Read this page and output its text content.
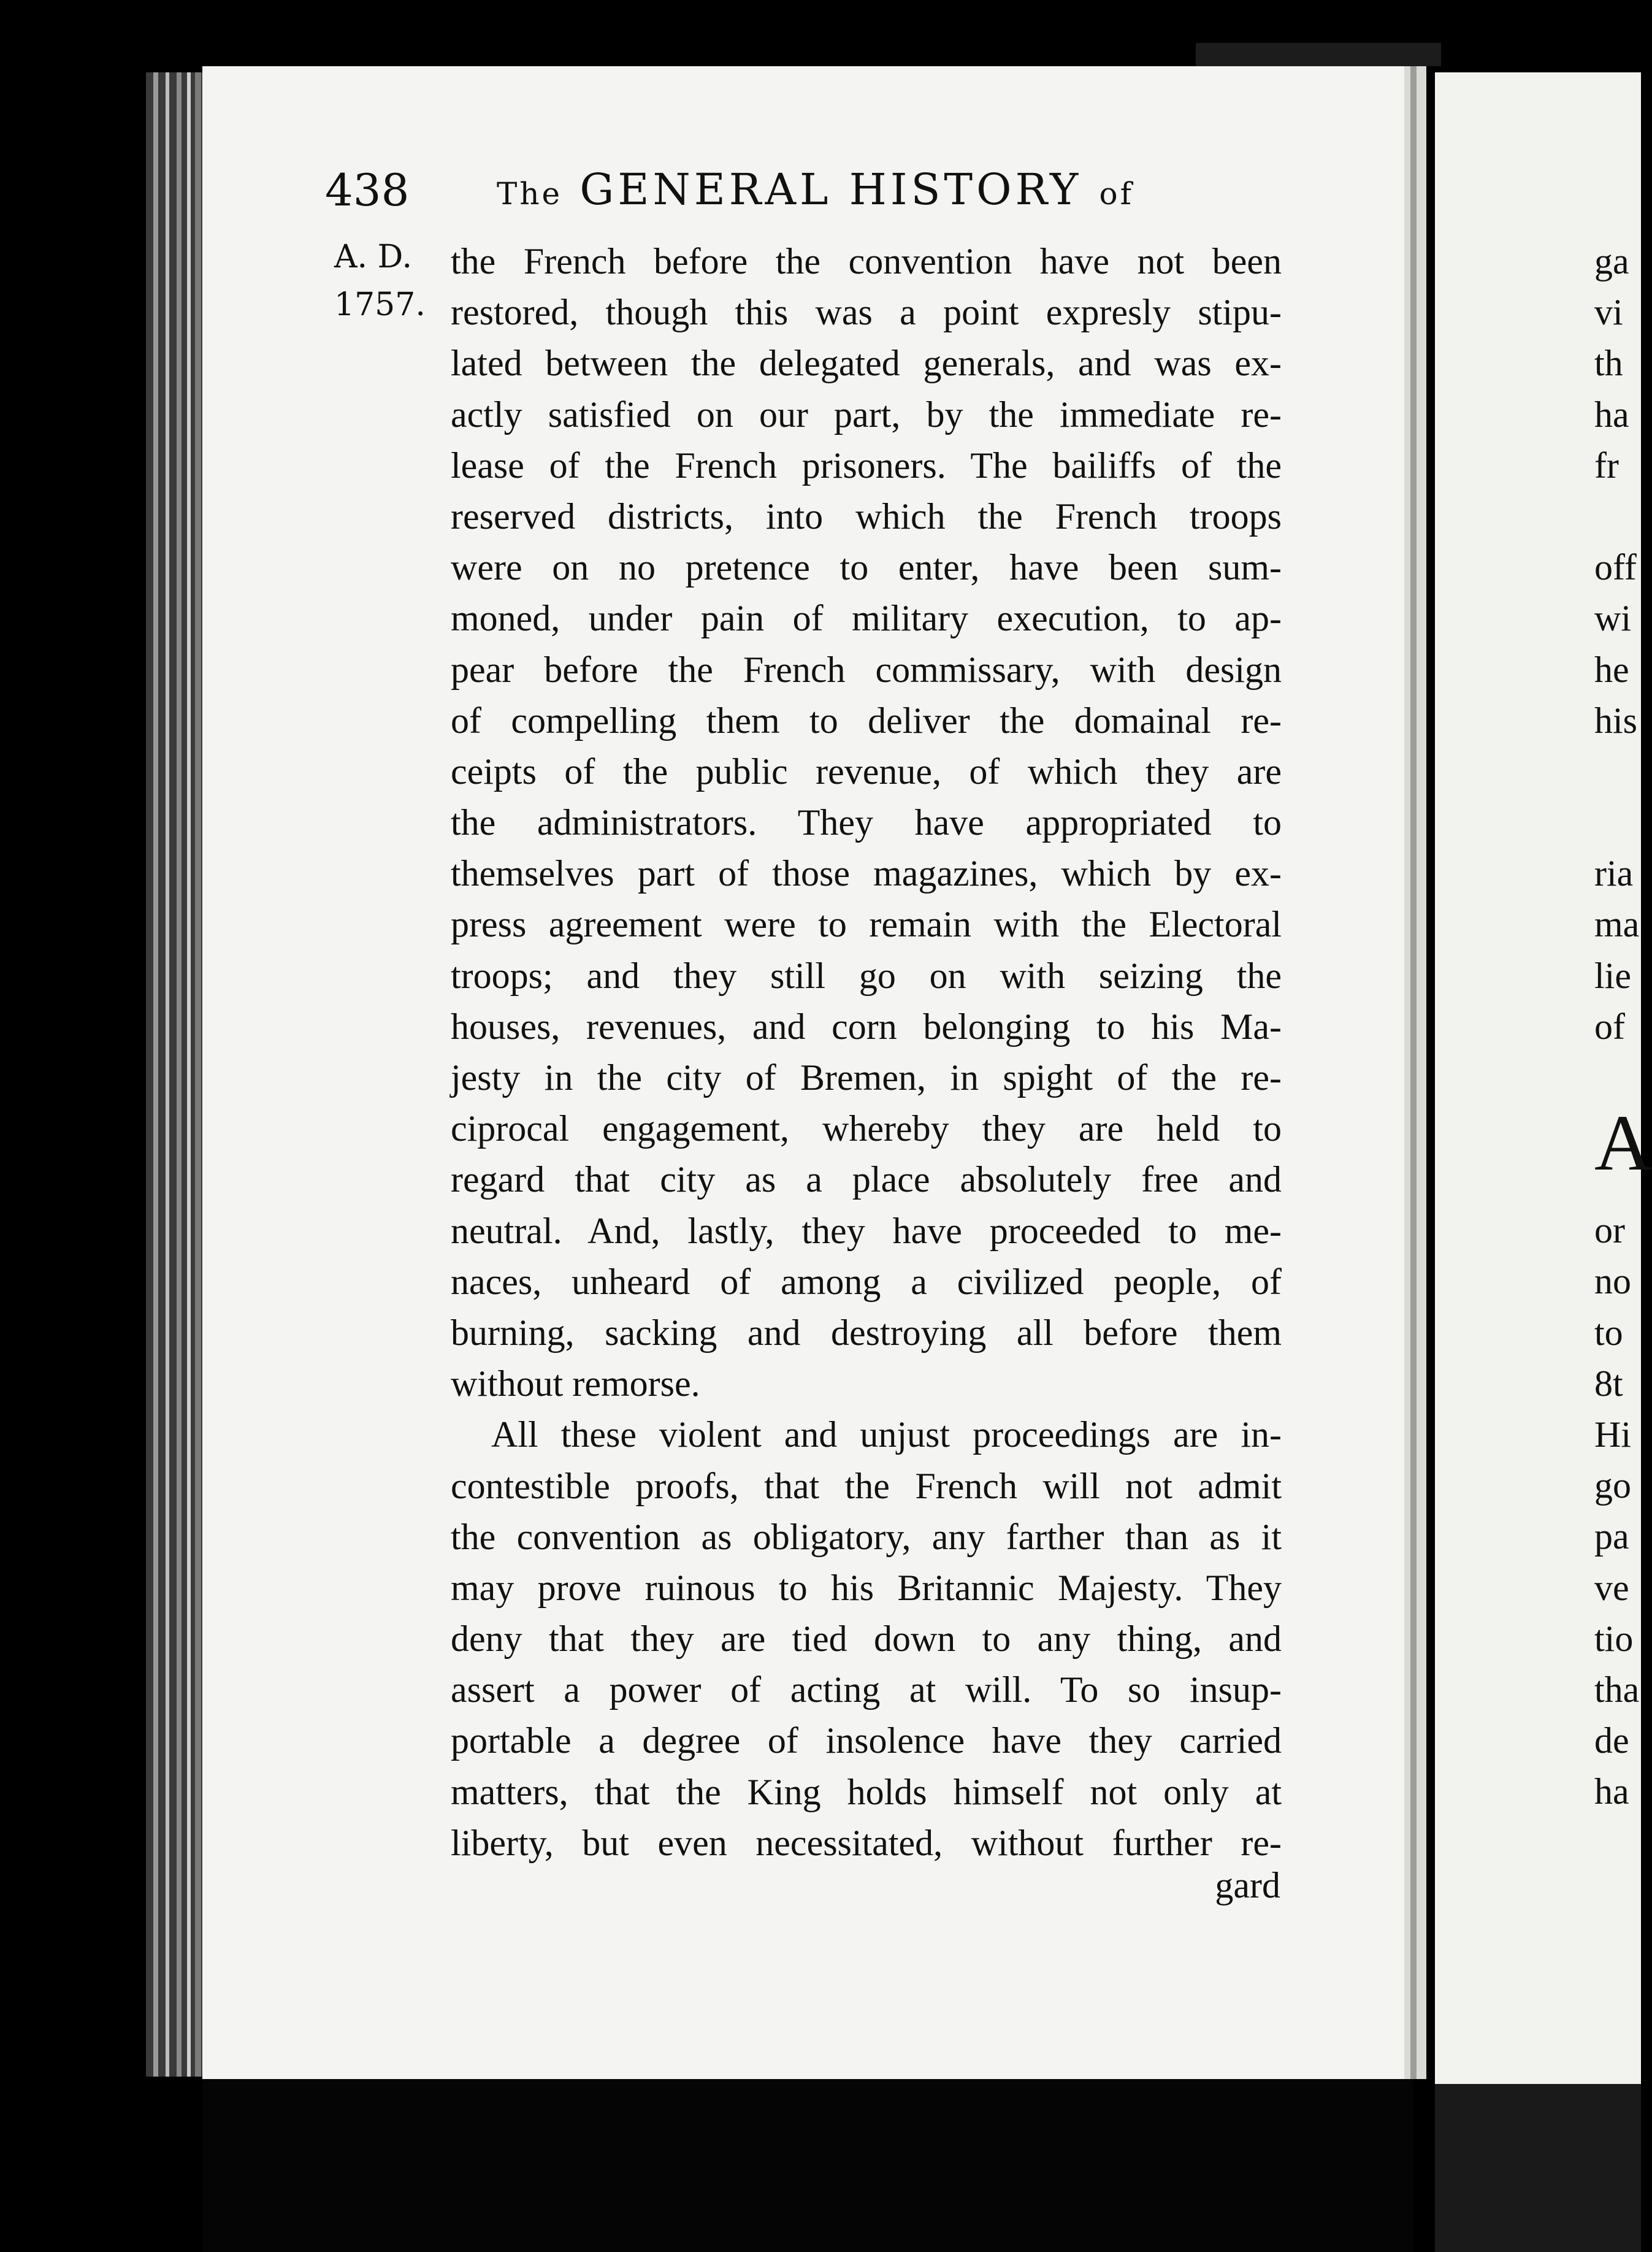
438	The GENERAL HISTORY of
A. D.
1757.
the French before the convention have not been
restored, though this was a point expresly stipu-
lated between the delegated generals, and was ex-
actly satisfied on our part, by the immediate re-
lease of the French prisoners. The bailiffs of the
reserved districts, into which the French troops
were on no pretence to enter, have been sum-
moned, under pain of military execution, to ap-
pear before the French commissary, with design
of compelling them to deliver the domainal re-
ceipts of the public revenue, of which they are
the administrators. They have appropriated to
themselves part of those magazines, which by ex-
press agreement were to remain with the Electoral
troops; and they still go on with seizing the
houses, revenues, and corn belonging to his Ma-
jesty in the city of Bremen, in spight of the re-
ciprocal engagement, whereby they are held to
regard that city as a place absolutely free and
neutral. And, lastly, they have proceeded to me-
naces, unheard of among a civilized people, of
burning, sacking and destroying all before them
without remorse.
All these violent and unjust proceedings are in-
contestible proofs, that the French will not admit
the convention as obligatory, any farther than as it
may prove ruinous to his Britannic Majesty. They
deny that they are tied down to any thing, and
assert a power of acting at will. To so insup-
portable a degree of insolence have they carried
matters, that the King holds himself not only at
liberty, but even necessitated, without further re-
gard
ga
vi
th
ha
fr

off
wi
he
his

ria
ma
lie
of

A
or
no
to
8t
Hi
go
pa
ve
tio
tha
de
ha
